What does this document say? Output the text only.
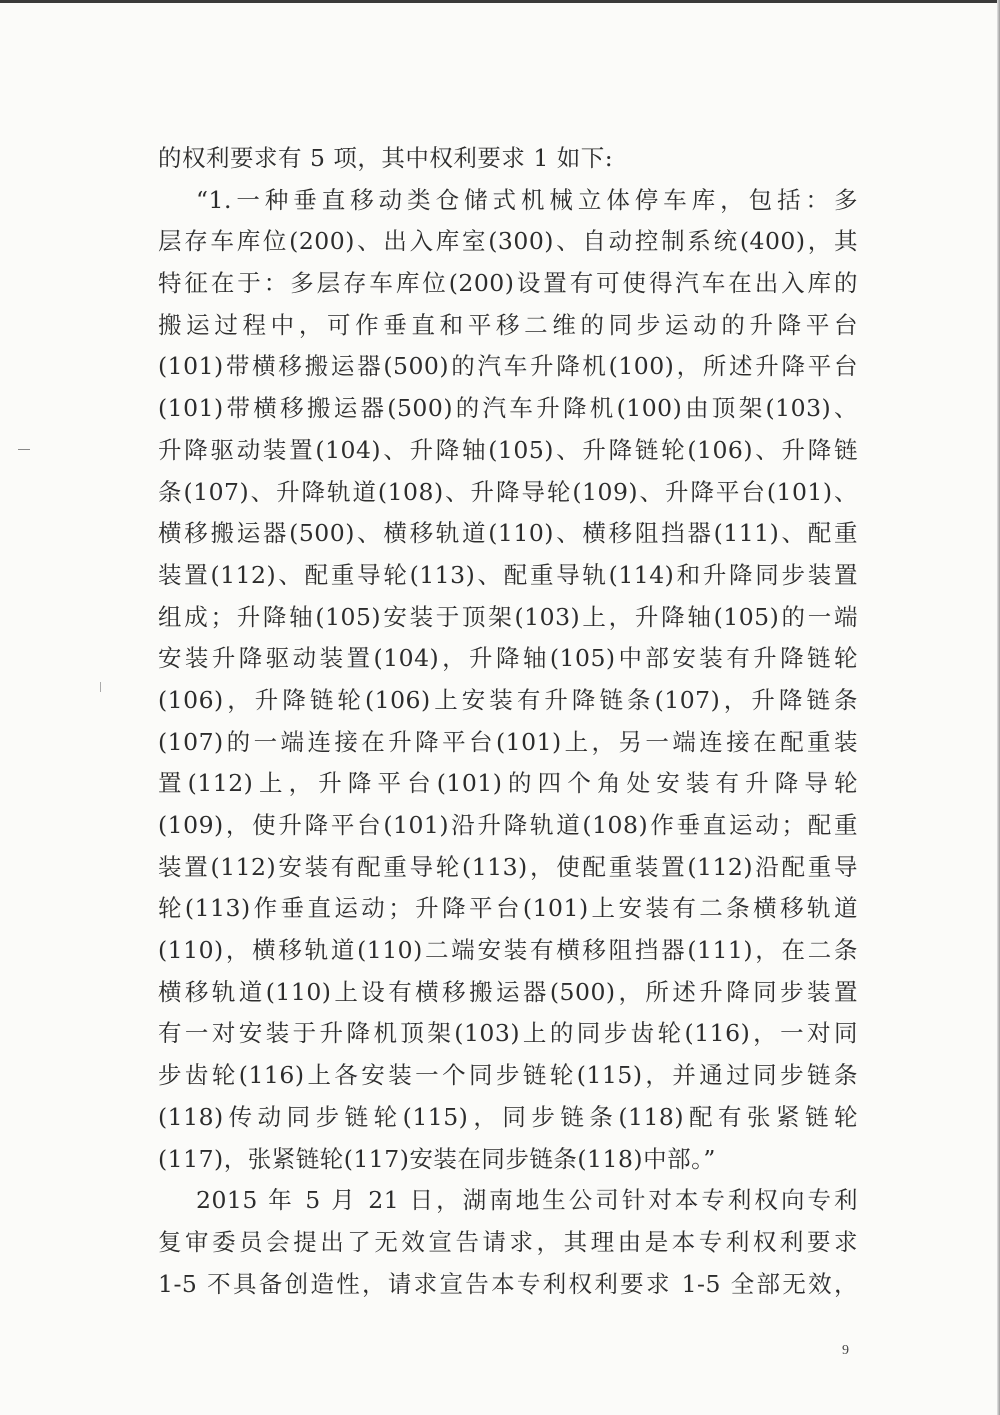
的权利要求有 5 项，其中权利要求 1 如下:
“1.一种垂直移动类仓储式机械立体停车库，包括：多
层存车库位(200)、出入库室(300)、自动控制系统(400)，其
特征在于：多层存车库位(200)设置有可使得汽车在出入库的
搬运过程中，可作垂直和平移二维的同步运动的升降平台
(101)带横移搬运器(500)的汽车升降机(100)，所述升降平台
(101)带横移搬运器(500)的汽车升降机(100)由顶架(103)、
升降驱动装置(104)、升降轴(105)、升降链轮(106)、升降链
条(107)、升降轨道(108)、升降导轮(109)、升降平台(101)、
横移搬运器(500)、横移轨道(110)、横移阻挡器(111)、配重
装置(112)、配重导轮(113)、配重导轨(114)和升降同步装置
组成；升降轴(105)安装于顶架(103)上，升降轴(105)的一端
安装升降驱动装置(104)，升降轴(105)中部安装有升降链轮
(106)，升降链轮(106)上安装有升降链条(107)，升降链条
(107)的一端连接在升降平台(101)上，另一端连接在配重装
置(112)上，升降平台(101)的四个角处安装有升降导轮
(109)，使升降平台(101)沿升降轨道(108)作垂直运动；配重
装置(112)安装有配重导轮(113)，使配重装置(112)沿配重导
轮(113)作垂直运动；升降平台(101)上安装有二条横移轨道
(110)，横移轨道(110)二端安装有横移阻挡器(111)，在二条
横移轨道(110)上设有横移搬运器(500)，所述升降同步装置
有一对安装于升降机顶架(103)上的同步齿轮(116)，一对同
步齿轮(116)上各安装一个同步链轮(115)，并通过同步链条
(118)传动同步链轮(115)，同步链条(118)配有张紧链轮
(117)，张紧链轮(117)安装在同步链条(118)中部。”
2015 年 5 月 21 日，湖南地生公司针对本专利权向专利
复审委员会提出了无效宣告请求，其理由是本专利权利要求
1-5 不具备创造性，请求宣告本专利权利要求 1-5 全部无效，
9
